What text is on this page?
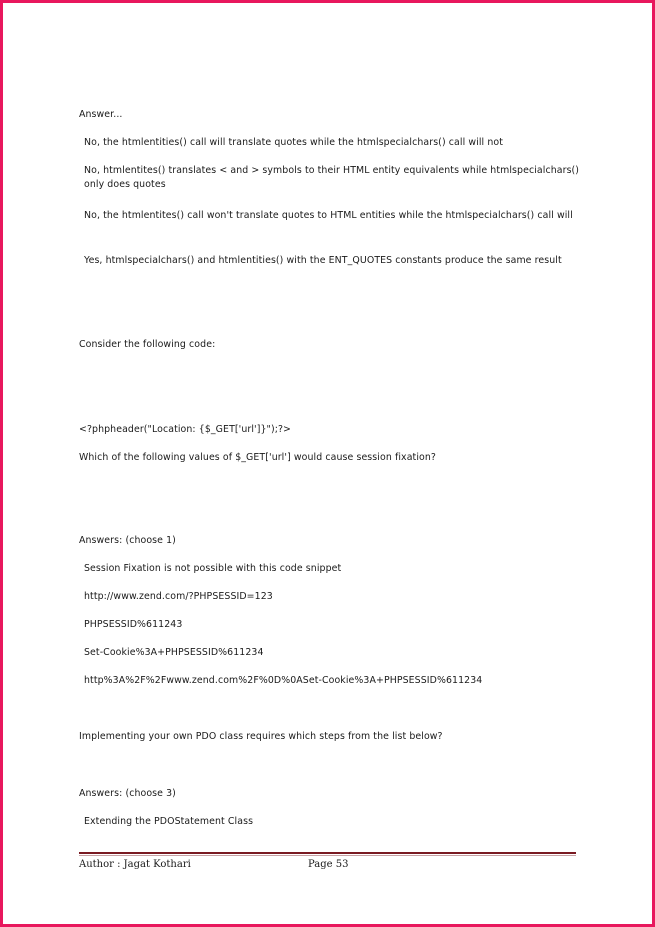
Answer...
No, the htmlentities() call will translate quotes while the htmlspecialchars() call will not
No, htmlentites() translates < and > symbols to their HTML entity equivalents while htmlspecialchars() only does quotes
No, the htmlentites() call won't translate quotes to HTML entities while the htmlspecialchars() call will
Yes, htmlspecialchars() and htmlentities() with the ENT_QUOTES constants produce the same result
Consider the following code:
<?phpheader("Location: {$_GET['url']}");?>
Which of the following values of $_GET['url'] would cause session fixation?
Answers: (choose 1)
Session Fixation is not possible with this code snippet
http://www.zend.com/?PHPSESSID=123
PHPSESSID%611243
Set-Cookie%3A+PHPSESSID%611234
http%3A%2F%2Fwww.zend.com%2F%0D%0ASet-Cookie%3A+PHPSESSID%611234
Implementing your own PDO class requires which steps from the list below?
Answers: (choose 3)
Extending the PDOStatement Class
Author : Jagat Kothari	Page 53
